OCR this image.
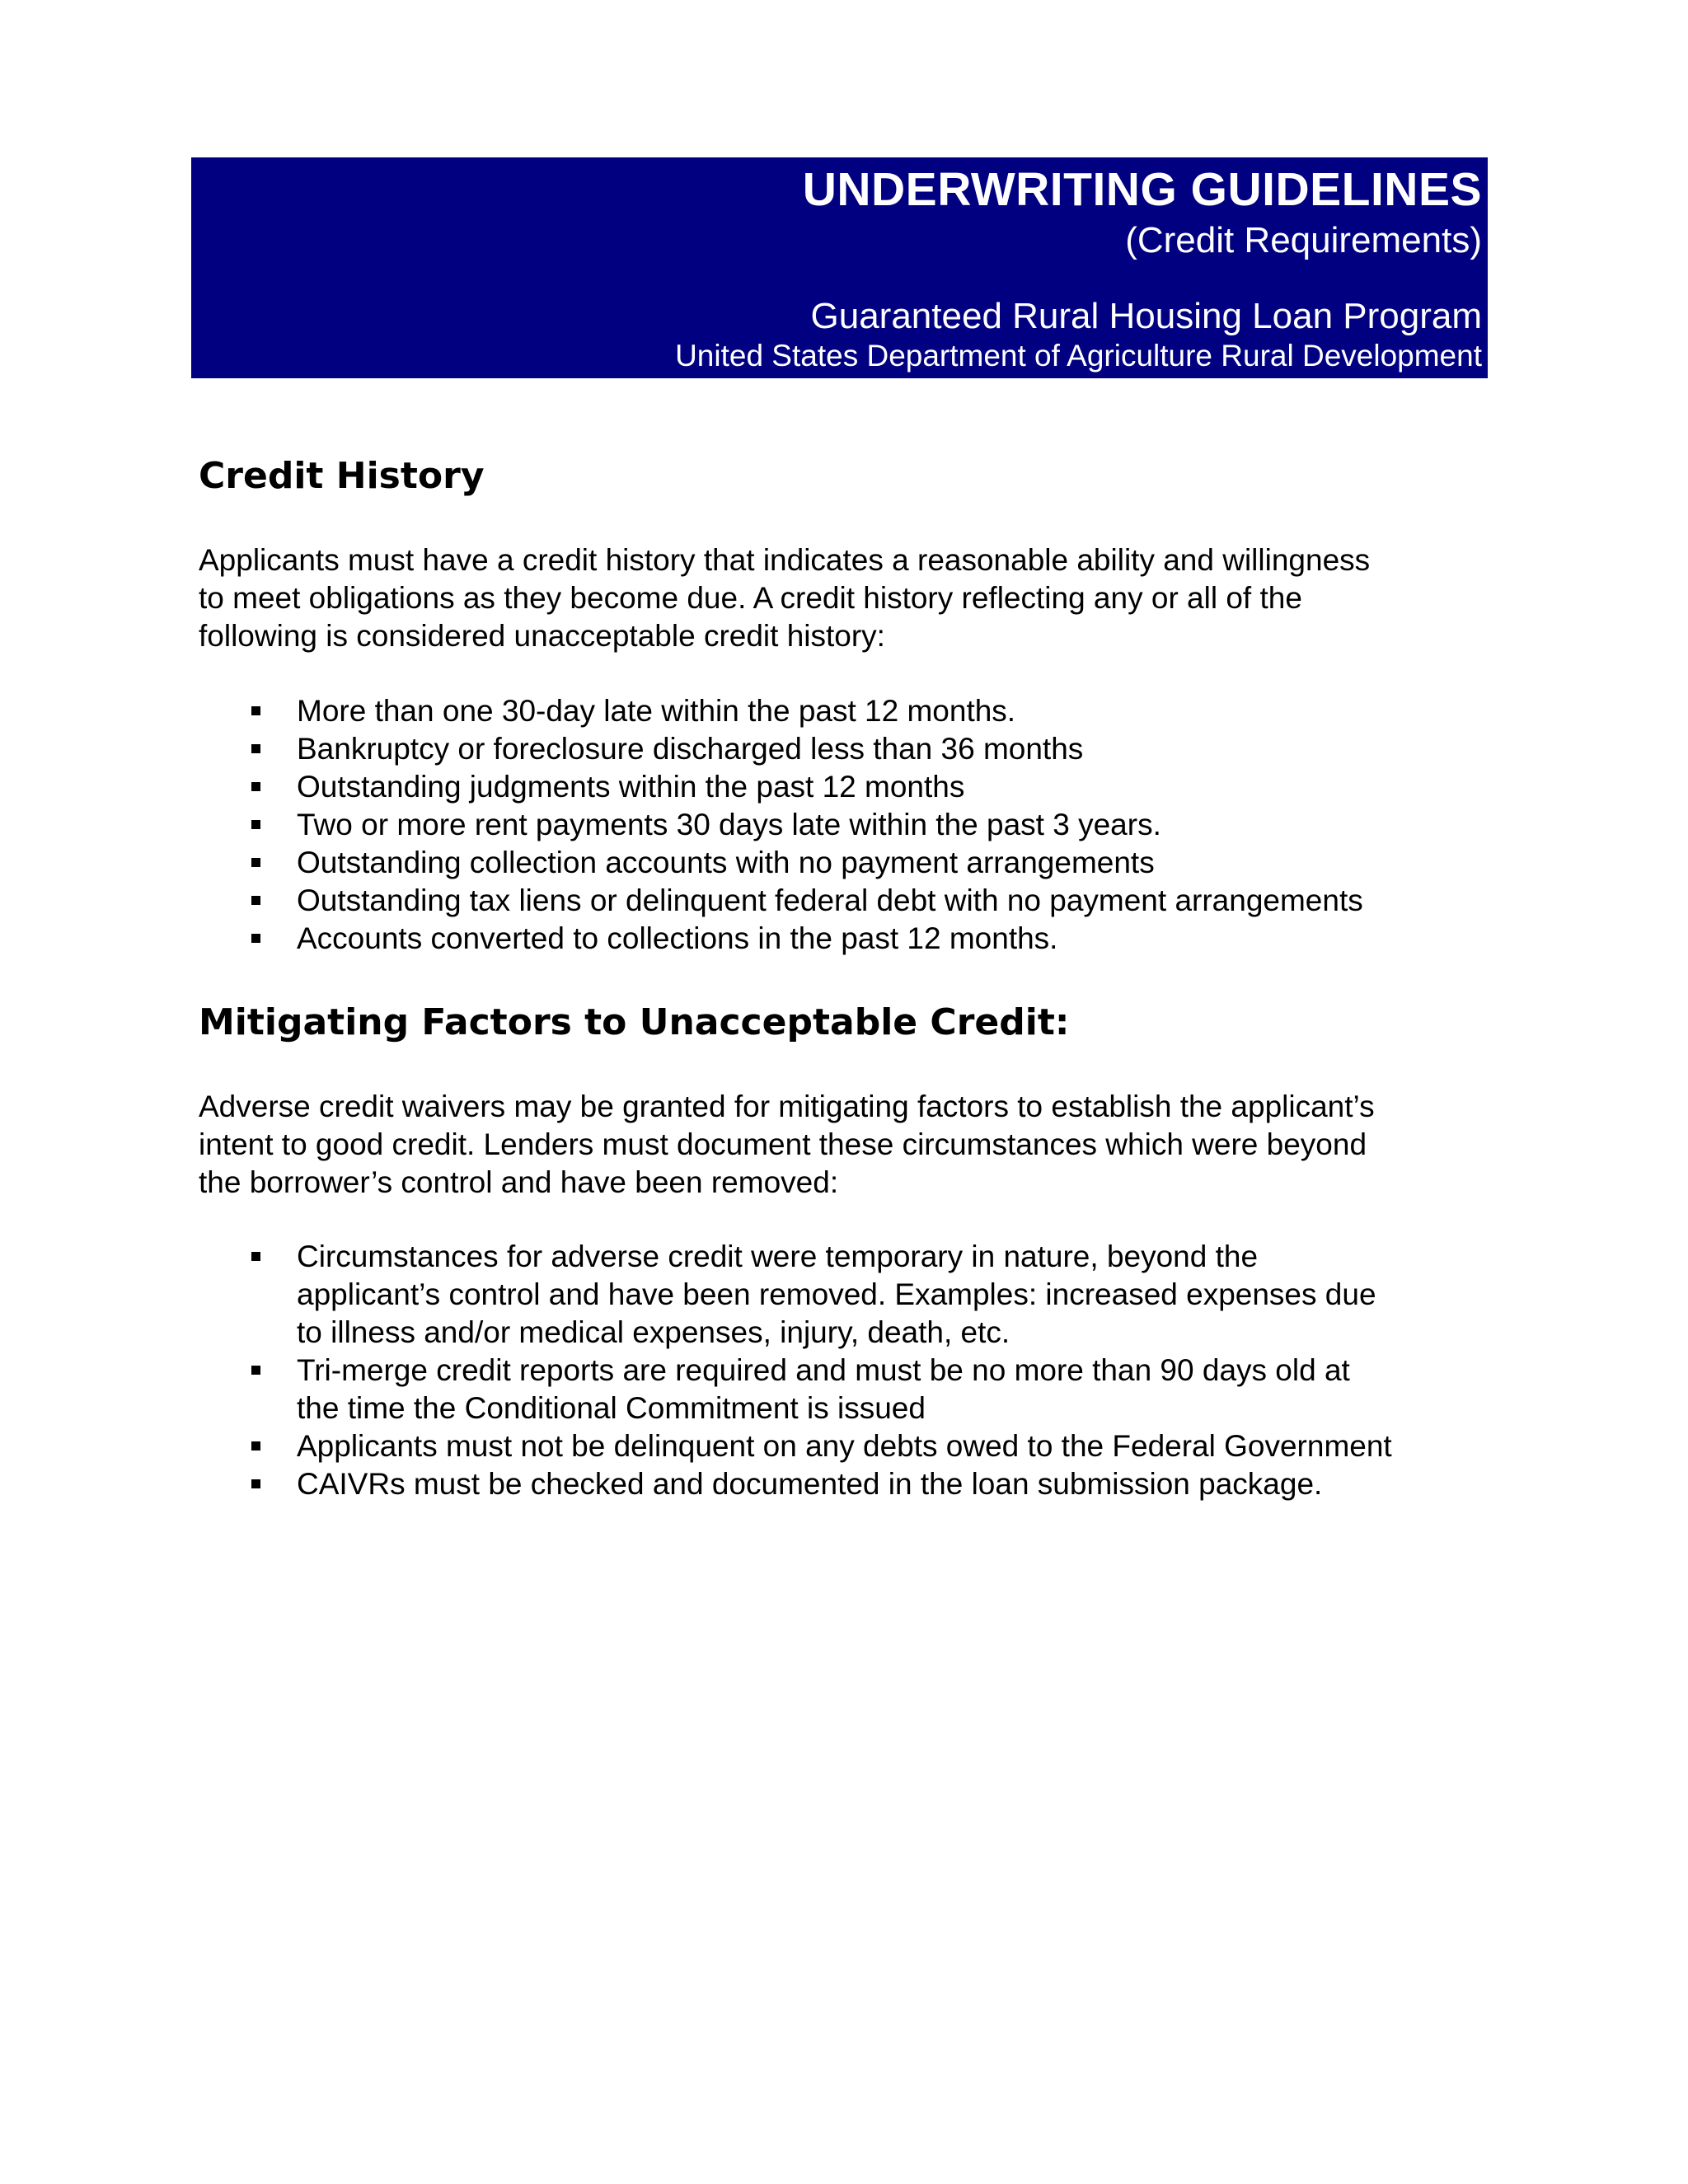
UNDERWRITING GUIDELINES
(Credit Requirements)
Guaranteed Rural Housing Loan Program
United States Department of Agriculture Rural Development
Credit History

Applicants must have a credit history that indicates a reasonable ability and willingness
to meet obligations as they become due. A credit history reflecting any or all of the
following is considered unacceptable credit history:

More than one 30-day late within the past 12 months.
Bankruptcy or foreclosure discharged less than 36 months
Outstanding judgments within the past 12 months
Two or more rent payments 30 days late within the past 3 years.
Outstanding collection accounts with no payment arrangements
Outstanding tax liens or delinquent federal debt with no payment arrangements
Accounts converted to collections in the past 12 months.
Mitigating Factors to Unacceptable Credit:

Adverse credit waivers may be granted for mitigating factors to establish the applicant’s
intent to good credit. Lenders must document these circumstances which were beyond
the borrower’s control and have been removed:

Circumstances for adverse credit were temporary in nature, beyond the
applicant’s control and have been removed. Examples: increased expenses due
to illness and/or medical expenses, injury, death, etc.
Tri-merge credit reports are required and must be no more than 90 days old at
the time the Conditional Commitment is issued
Applicants must not be delinquent on any debts owed to the Federal Government
CAIVRs must be checked and documented in the loan submission package.
